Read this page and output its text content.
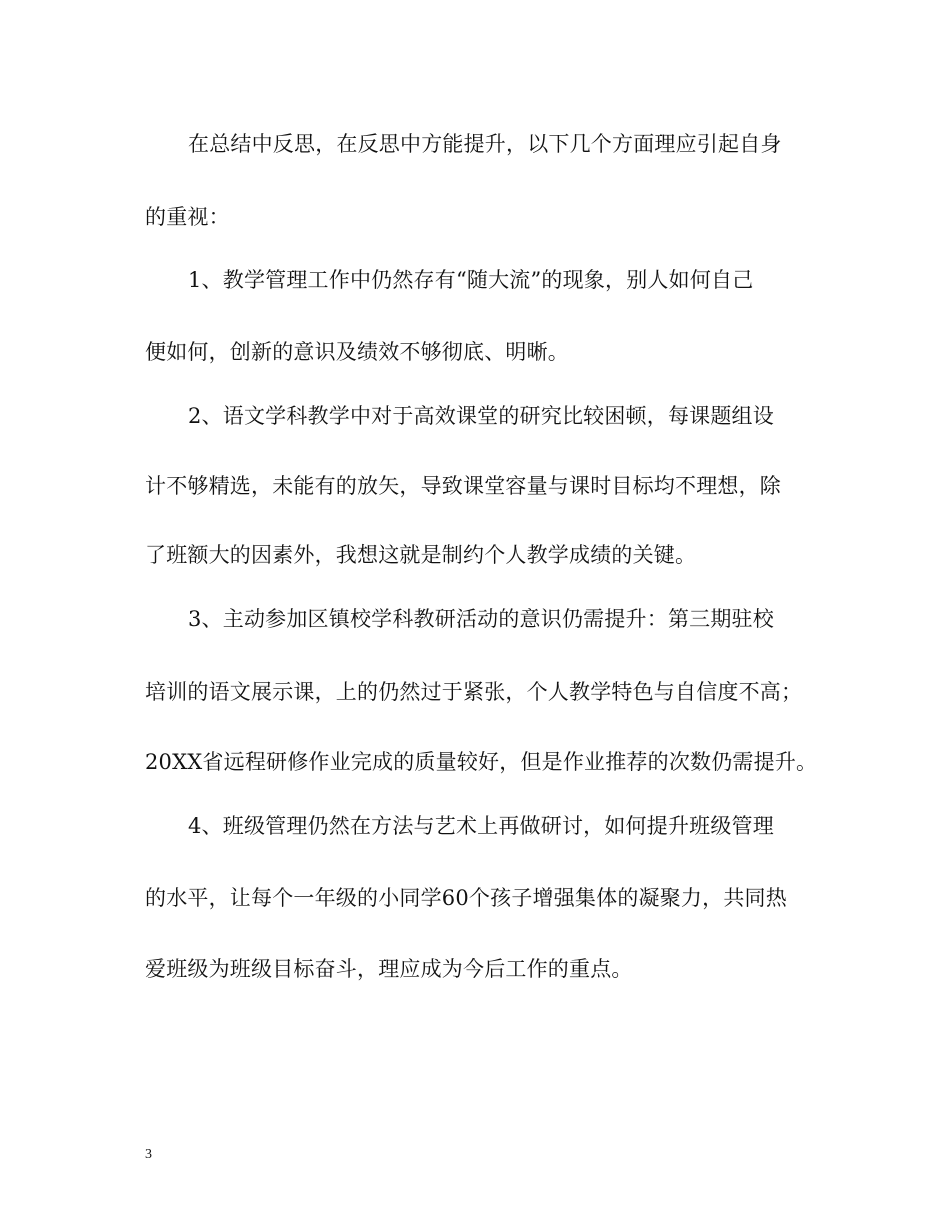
在总结中反思，在反思中方能提升，以下几个方面理应引起自身
的重视：
1、教学管理工作中仍然存有“随大流”的现象，别人如何自己
便如何，创新的意识及绩效不够彻底、明晰。
2、语文学科教学中对于高效课堂的研究比较困顿，每课题组设
计不够精选，未能有的放矢，导致课堂容量与课时目标均不理想，除
了班额大的因素外，我想这就是制约个人教学成绩的关键。
3、主动参加区镇校学科教研活动的意识仍需提升：第三期驻校
培训的语文展示课，上的仍然过于紧张，个人教学特色与自信度不高；
20XX省远程研修作业完成的质量较好，但是作业推荐的次数仍需提升。
4、班级管理仍然在方法与艺术上再做研讨，如何提升班级管理
的水平，让每个一年级的小同学60个孩子增强集体的凝聚力，共同热
爱班级为班级目标奋斗，理应成为今后工作的重点。
3
